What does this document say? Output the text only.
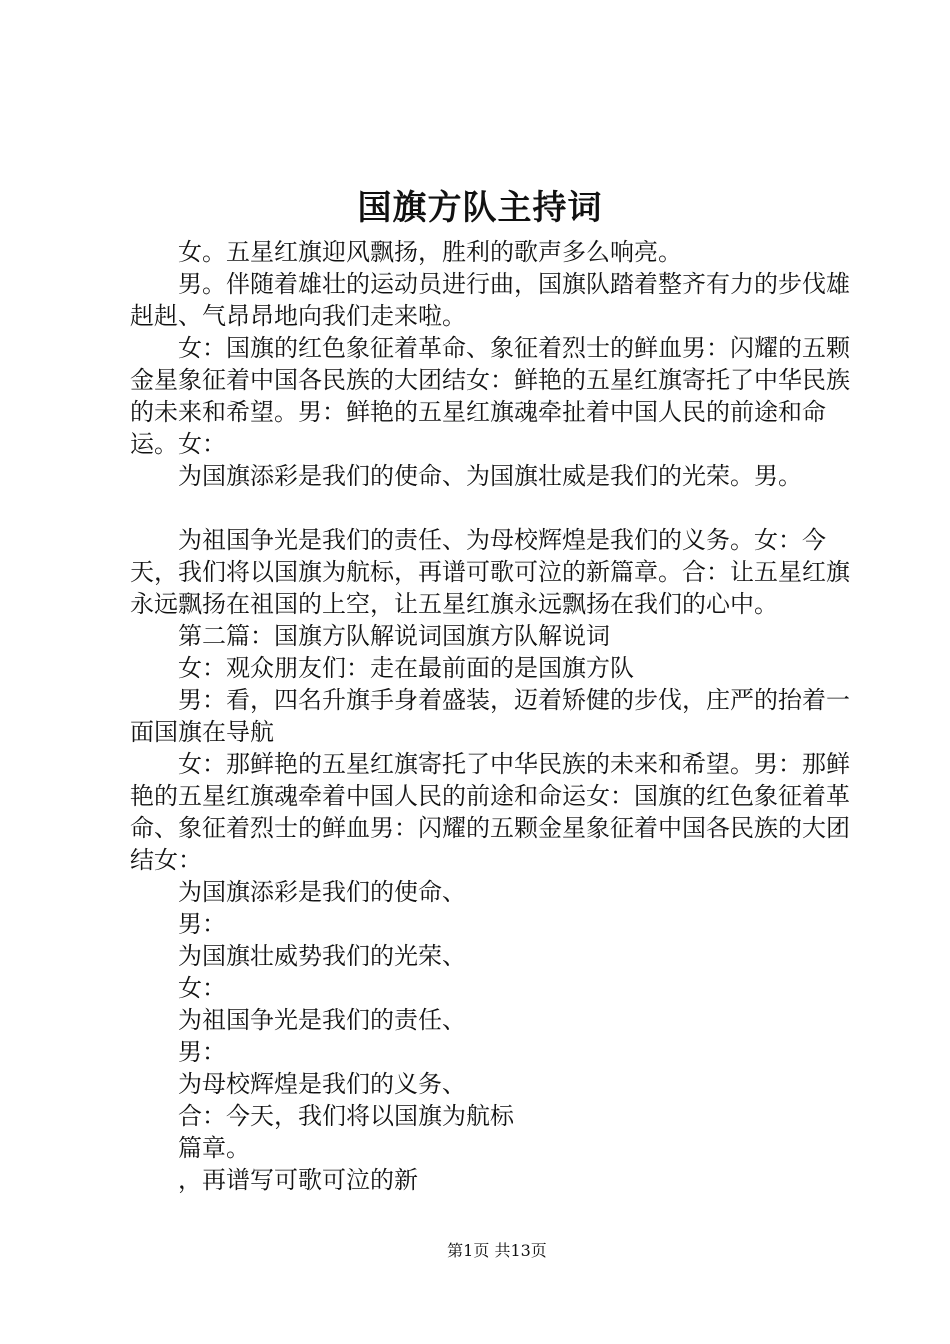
国旗方队主持词

女。五星红旗迎风飘扬，胜利的歌声多么响亮。

男。伴随着雄壮的运动员进行曲，国旗队踏着整齐有力的步伐雄赳赳、气昂昂地向我们走来啦。

女：国旗的红色象征着革命、象征着烈士的鲜血男：闪耀的五颗金星象征着中国各民族的大团结女：鲜艳的五星红旗寄托了中华民族的未来和希望。男：鲜艳的五星红旗魂牵扯着中国人民的前途和命运。女：

为国旗添彩是我们的使命、为国旗壮威是我们的光荣。男。

为祖国争光是我们的责任、为母校辉煌是我们的义务。女：今天，我们将以国旗为航标，再谱可歌可泣的新篇章。合：让五星红旗永远飘扬在祖国的上空，让五星红旗永远飘扬在我们的心中。

第二篇：国旗方队解说词国旗方队解说词

女：观众朋友们：走在最前面的是国旗方队

男：看，四名升旗手身着盛装，迈着矫健的步伐，庄严的抬着一面国旗在导航

女：那鲜艳的五星红旗寄托了中华民族的未来和希望。男：那鲜艳的五星红旗魂牵着中国人民的前途和命运女：国旗的红色象征着革命、象征着烈士的鲜血男：闪耀的五颗金星象征着中国各民族的大团结女：

为国旗添彩是我们的使命、

男：

为国旗壮威势我们的光荣、

女：

为祖国争光是我们的责任、

男：

为母校辉煌是我们的义务、

合：今天，我们将以国旗为航标

篇章。

，再谱写可歌可泣的新

第1页 共13页
